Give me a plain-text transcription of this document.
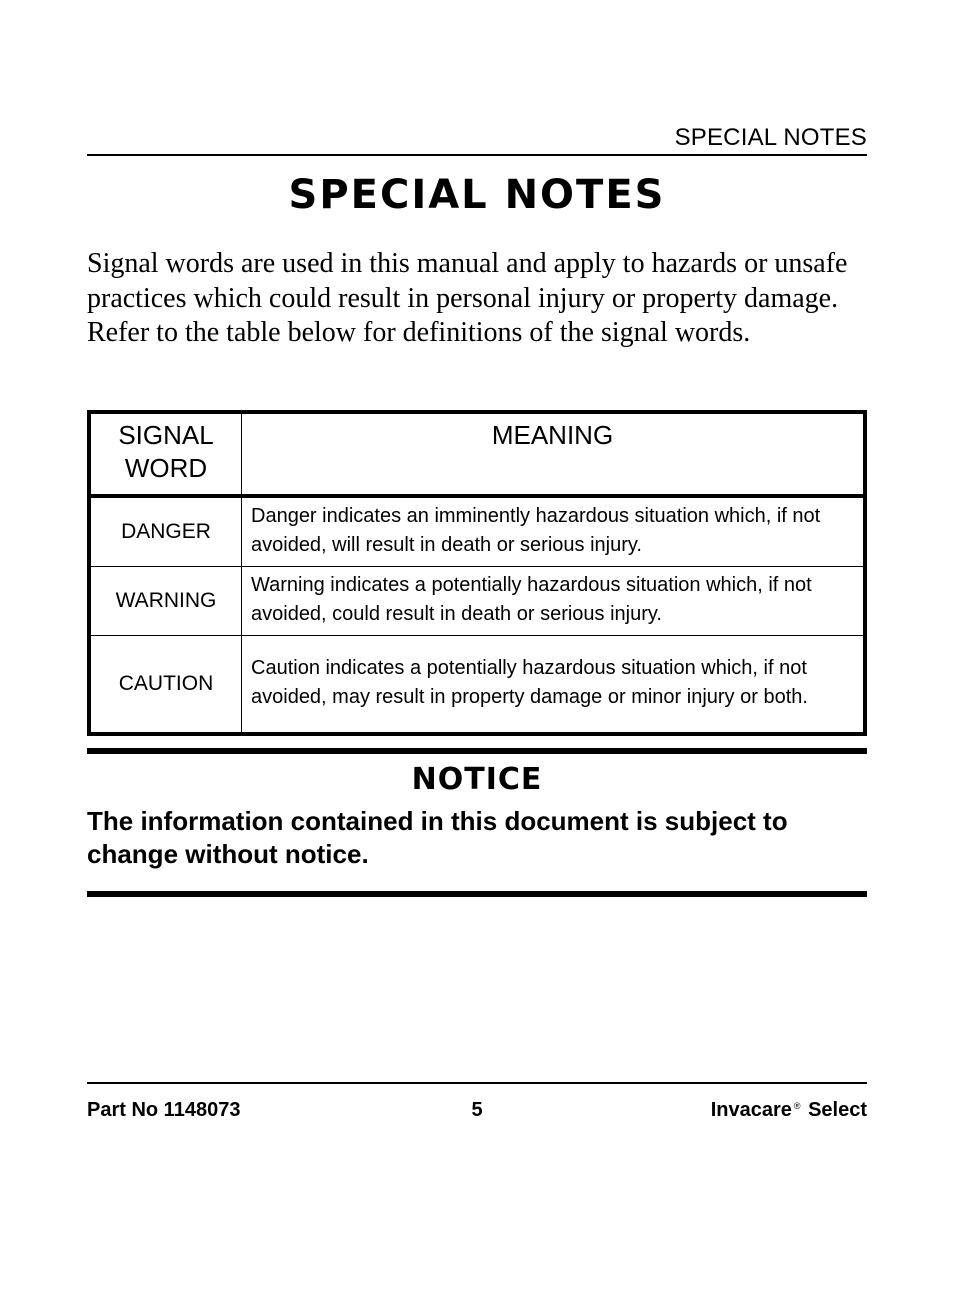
SPECIAL NOTES
SPECIAL NOTES
Signal words are used in this manual and apply to hazards or unsafe practices which could result in personal injury or property damage. Refer to the table below for definitions of the signal words.
SIGNAL
WORD	MEANING
DANGER	Danger indicates an imminently hazardous situation which, if not avoided, will result in death or serious injury.
WARNING	Warning indicates a potentially hazardous situation which, if not avoided, could result in death or serious injury.
CAUTION	Caution indicates a potentially hazardous situation which, if not avoided, may result in property damage or minor injury or both.
NOTICE
The information contained in this document is subject to change without notice.
Part No 1148073	5	Invacare ® Select
